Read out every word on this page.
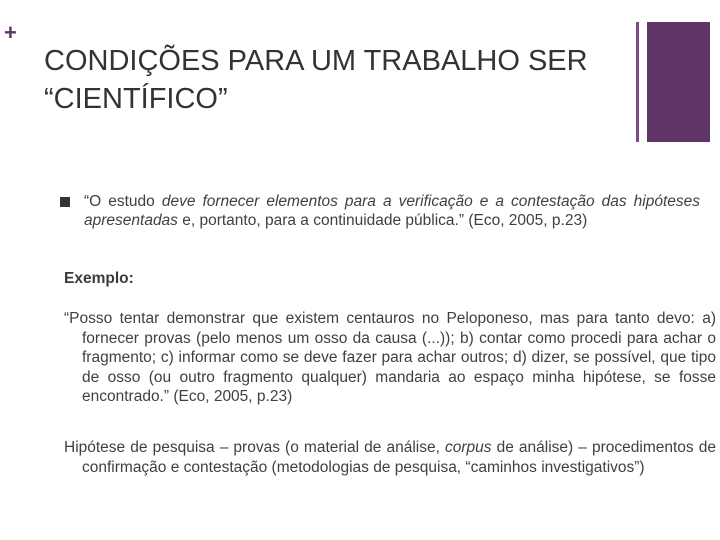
+
CONDIÇÕES PARA UM TRABALHO SER “CIENTÍFICO”
“O estudo deve fornecer elementos para a verificação e a contestação das hipóteses apresentadas e, portanto, para a continuidade pública.” (Eco, 2005, p.23)
Exemplo:
“Posso tentar demonstrar que existem centauros no Peloponeso, mas para tanto devo: a) fornecer provas (pelo menos um osso da causa (...)); b) contar como procedi para achar o fragmento; c) informar como se deve fazer para achar outros; d) dizer, se possível, que tipo de osso (ou outro fragmento qualquer) mandaria ao espaço minha hipótese, se fosse encontrado.” (Eco, 2005, p.23)
Hipótese de pesquisa – provas (o material de análise, corpus de análise) – procedimentos de confirmação e contestação (metodologias de pesquisa, “caminhos investigativos”)
